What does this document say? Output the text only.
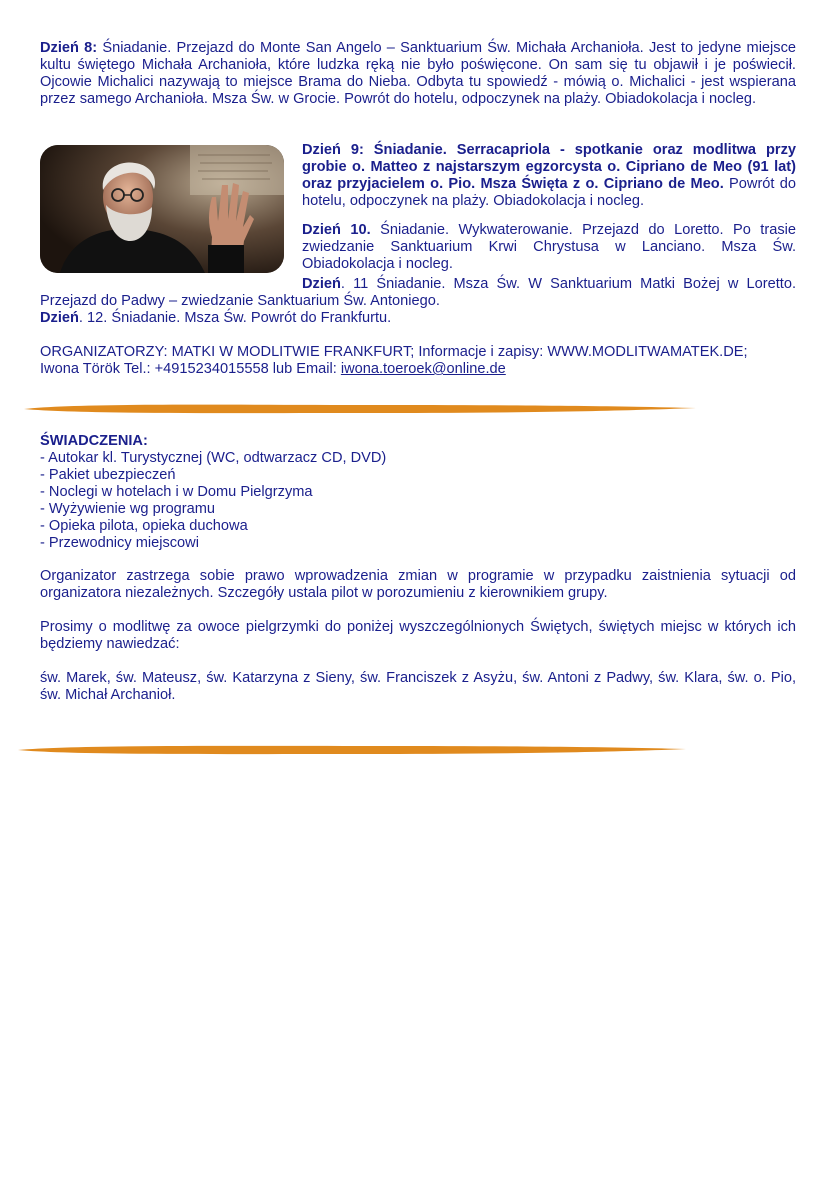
Dzień 8: Śniadanie. Przejazd do Monte San Angelo – Sanktuarium Św. Michała Archanioła. Jest to jedyne miejsce kultu świętego Michała Archanioła, które ludzka ręką nie było poświęcone. On sam się tu objawił i je poświecił. Ojcowie Michalici nazywają to miejsce Brama do Nieba. Odbyta tu spowiedź - mówią o. Michalici - jest wspierana przez samego Archanioła. Msza Św. w Grocie. Powrót do hotelu, odpoczynek na plaży. Obiadokolacja i nocleg.
Dzień 9: Śniadanie. Serracapriola - spotkanie oraz modlitwa przy grobie o. Matteo z najstarszym egzorcysta o. Cipriano de Meo (91 lat) oraz przyjacielem o. Pio. Msza Święta z o. Cipriano de Meo. Powrót do hotelu, odpoczynek na plaży. Obiadokolacja i nocleg.
Dzień 10. Śniadanie. Wykwaterowanie. Przejazd do Loretto. Po trasie zwiedzanie Sanktuarium Krwi Chrystusa w Lanciano. Msza Św. Obiadokolacja i nocleg.
Dzień. 11 Śniadanie. Msza Św. W Sanktuarium Matki Bożej w Loretto.
Przejazd do Padwy – zwiedzanie Sanktuarium Św. Antoniego.
Dzień. 12. Śniadanie. Msza Św. Powrót do Frankfurtu.
ORGANIZATORZY: MATKI W MODLITWIE FRANKFURT; Informacje i zapisy: WWW.MODLITWAMATEK.DE;
Iwona Török Tel.: +4915234015558 lub Email: iwona.toeroek@online.de
ŚWIADCZENIA:
- Autokar kl. Turystycznej (WC, odtwarzacz CD, DVD)
- Pakiet ubezpieczeń
- Noclegi w hotelach i w Domu Pielgrzyma
- Wyżywienie wg programu
- Opieka pilota, opieka duchowa
- Przewodnicy miejscowi
Organizator zastrzega sobie prawo wprowadzenia zmian w programie w przypadku zaistnienia sytuacji od organizatora niezależnych. Szczegóły ustala pilot w porozumieniu z kierownikiem grupy.
Prosimy o modlitwę za owoce pielgrzymki do poniżej wyszczególnionych Świętych, świętych miejsc w których ich będziemy nawiedzać:
św. Marek, św. Mateusz, św. Katarzyna z Sieny, św. Franciszek z Asyżu, św. Antoni z Padwy, św. Klara, św. o. Pio, św. Michał Archanioł.
